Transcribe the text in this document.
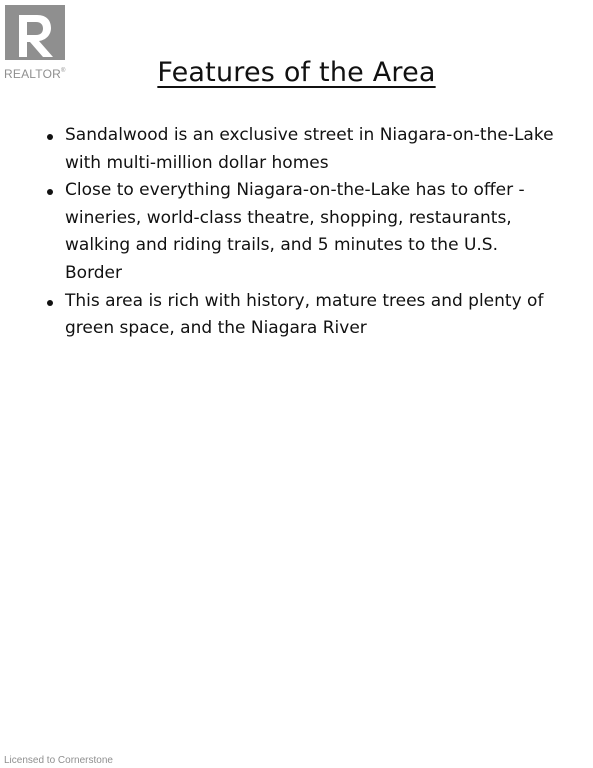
REALTOR®	Features of the Area
Sandalwood is an exclusive street in Niagara-on-the-Lake with multi-million dollar homes
Close to everything Niagara-on-the-Lake has to offer - wineries, world-class theatre, shopping, restaurants, walking and riding trails, and 5 minutes to the U.S. Border
This area is rich with history, mature trees and plenty of green space, and the Niagara River
Licensed to Cornerstone
